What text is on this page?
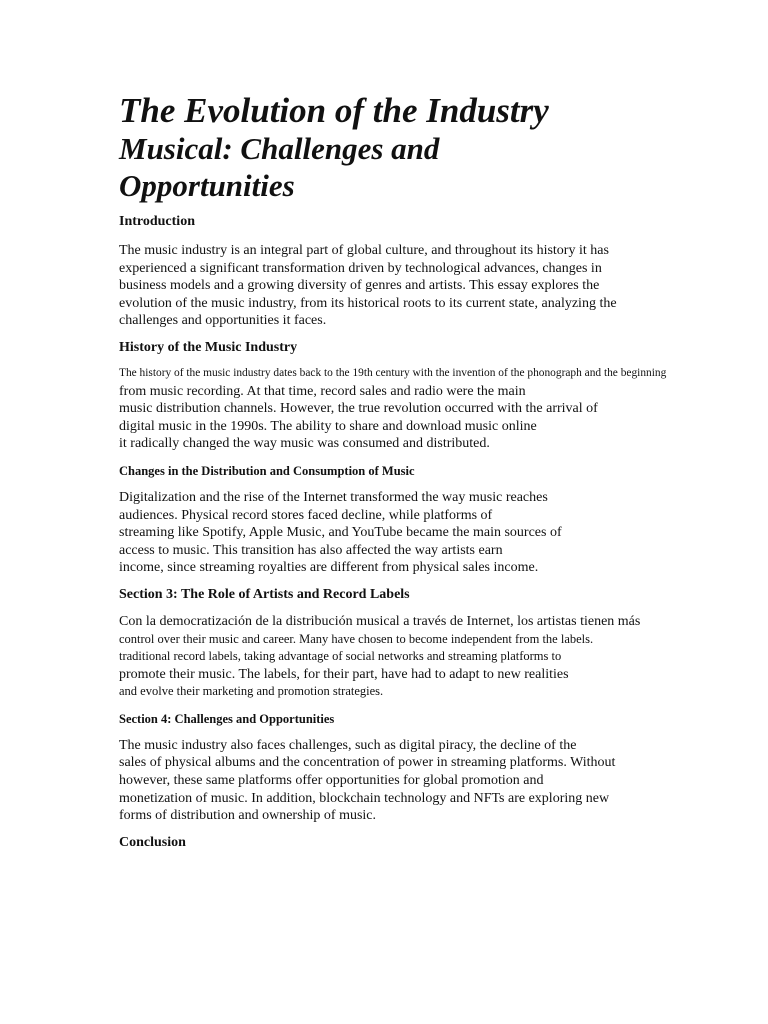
The Evolution of the Industry
Musical: Challenges and
Opportunities
Introduction
The music industry is an integral part of global culture, and throughout its history it has
experienced a significant transformation driven by technological advances, changes in
business models and a growing diversity of genres and artists. This essay explores the
evolution of the music industry, from its historical roots to its current state, analyzing the
challenges and opportunities it faces.
History of the Music Industry
The history of the music industry dates back to the 19th century with the invention of the phonograph and the beginning
from music recording. At that time, record sales and radio were the main
music distribution channels. However, the true revolution occurred with the arrival of
digital music in the 1990s. The ability to share and download music online
it radically changed the way music was consumed and distributed.
Changes in the Distribution and Consumption of Music
Digitalization and the rise of the Internet transformed the way music reaches
audiences. Physical record stores faced decline, while platforms of
streaming like Spotify, Apple Music, and YouTube became the main sources of
access to music. This transition has also affected the way artists earn
income, since streaming royalties are different from physical sales income.
Section 3: The Role of Artists and Record Labels
Con la democratización de la distribución musical a través de Internet, los artistas tienen más
control over their music and career. Many have chosen to become independent from the labels.
traditional record labels, taking advantage of social networks and streaming platforms to
promote their music. The labels, for their part, have had to adapt to new realities
and evolve their marketing and promotion strategies.
Section 4: Challenges and Opportunities
The music industry also faces challenges, such as digital piracy, the decline of the
sales of physical albums and the concentration of power in streaming platforms. Without
however, these same platforms offer opportunities for global promotion and
monetization of music. In addition, blockchain technology and NFTs are exploring new
forms of distribution and ownership of music.
Conclusion
